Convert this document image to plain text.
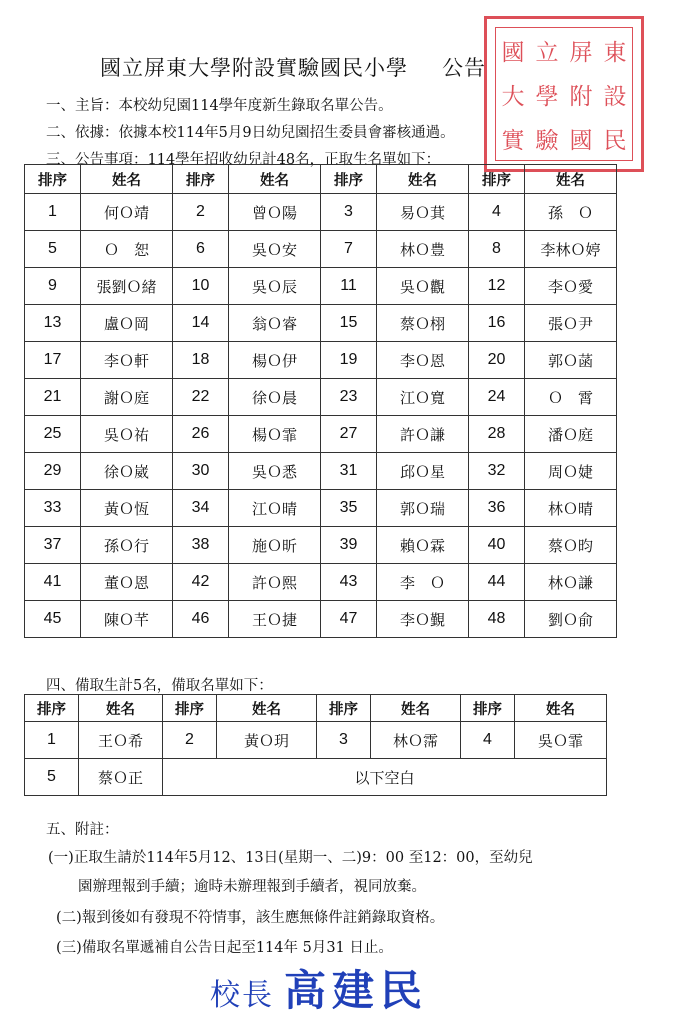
國立屏東大學附設實驗國民小學 公告
國 立 屏 東
大 學 附 設
實 驗 國 民
一、主旨：本校幼兒園114學年度新生錄取名單公告。
二、依據：依據本校114年5月9日幼兒園招生委員會審核通過。
三、公告事項：114學年招收幼兒計48名，正取生名單如下：
排序	姓名	排序	姓名	排序	姓名	排序	姓名
1	何Ｏ靖	2	曾Ｏ陽	3	易Ｏ萁	4	孫　Ｏ
5	Ｏ　恕	6	吳Ｏ安	7	林Ｏ豊	8	李林Ｏ婷
9	張劉Ｏ緒	10	吳Ｏ辰	11	吳Ｏ觀	12	李Ｏ愛
13	盧Ｏ岡	14	翁Ｏ睿	15	蔡Ｏ栩	16	張Ｏ尹
17	李Ｏ軒	18	楊Ｏ伊	19	李Ｏ恩	20	郭Ｏ菡
21	謝Ｏ庭	22	徐Ｏ晨	23	江Ｏ寬	24	Ｏ　霄
25	吳Ｏ祐	26	楊Ｏ霏	27	許Ｏ謙	28	潘Ｏ庭
29	徐Ｏ崴	30	吳Ｏ悉	31	邱Ｏ星	32	周Ｏ婕
33	黃Ｏ恆	34	江Ｏ晴	35	郭Ｏ瑞	36	林Ｏ晴
37	孫Ｏ行	38	施Ｏ昕	39	賴Ｏ霖	40	蔡Ｏ昀
41	董Ｏ恩	42	許Ｏ熙	43	李　Ｏ	44	林Ｏ謙
45	陳Ｏ芊	46	王Ｏ捷	47	李Ｏ覲	48	劉Ｏ俞
四、備取生計5名，備取名單如下：
排序	姓名	排序	姓名	排序	姓名	排序	姓名
1	王Ｏ希	2	黃Ｏ玥	3	林Ｏ霈	4	吳Ｏ霏
5	蔡Ｏ正	以下空白					
五、附註：
(一)正取生請於114年5月12、13日(星期一、二)9：00 至12：00，至幼兒
園辦理報到手續；逾時未辦理報到手續者，視同放棄。
(二)報到後如有發現不符情事，該生應無條件註銷錄取資格。
(三)備取名單遞補自公告日起至114年 5月31 日止。
校長 高建民
